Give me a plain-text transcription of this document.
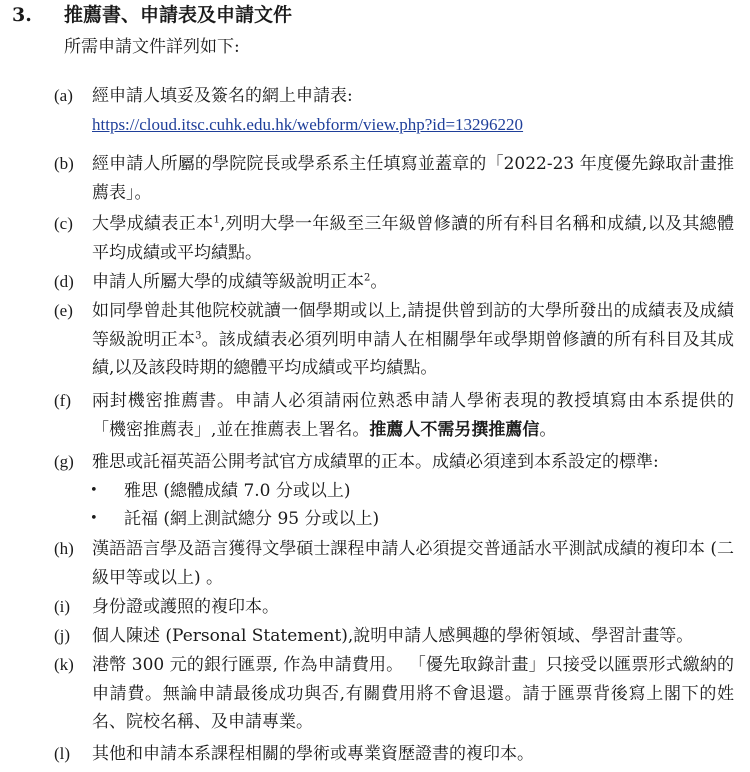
3.	推薦書、申請表及申請文件
所需申請文件詳列如下:
(a)	經申請人填妥及簽名的網上申請表:
https://cloud.itsc.cuhk.edu.hk/webform/view.php?id=13296220
(b)	經申請人所屬的學院院長或學系系主任填寫並蓋章的「2022-23 年度優先錄取計畫推薦表」。
(c)	大學成績表正本$^1$,列明大學一年級至三年級曾修讀的所有科目名稱和成績,以及其總體平均成績或平均績點。
(d)	申請人所屬大學的成績等級說明正本$^2$。
(e)	如同學曾赴其他院校就讀一個學期或以上,請提供曾到訪的大學所發出的成績表及成績等級說明正本$^3$。該成績表必須列明申請人在相關學年或學期曾修讀的所有科目及其成績,以及該段時期的總體平均成績或平均績點。
(f)	兩封機密推薦書。申請人必須請兩位熟悉申請人學術表現的教授填寫由本系提供的「機密推薦表」,並在推薦表上署名。推薦人不需另撰推薦信。
(g)	雅思或託福英語公開考試官方成績單的正本。成績必須達到本系設定的標準:
•	雅思 (總體成績 7.0 分或以上)
•	託福 (網上測試總分 95 分或以上)
(h)	漢語語言學及語言獲得文學碩士課程申請人必須提交普通話水平測試成績的複印本 (二級甲等或以上) 。
(i)	身份證或護照的複印本。
(j)	個人陳述 (Personal Statement),說明申請人感興趣的學術領域、學習計畫等。
(k)	港幣 300 元的銀行匯票, 作為申請費用。 「優先取錄計畫」只接受以匯票形式繳納的申請費。無論申請最後成功與否,有關費用將不會退還。請于匯票背後寫上閣下的姓名、院校名稱、及申請專業。
(l)	其他和申請本系課程相關的學術或專業資歷證書的複印本。
